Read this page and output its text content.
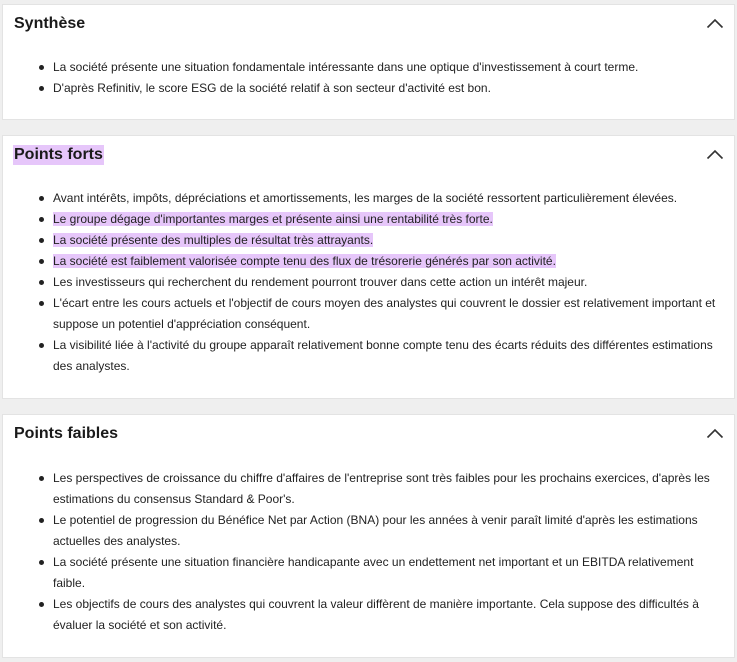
Synthèse
La société présente une situation fondamentale intéressante dans une optique d'investissement à court terme.
D'après Refinitiv, le score ESG de la société relatif à son secteur d'activité est bon.
Points forts
Avant intérêts, impôts, dépréciations et amortissements, les marges de la société ressortent particulièrement élevées.
Le groupe dégage d'importantes marges et présente ainsi une rentabilité très forte.
La société présente des multiples de résultat très attrayants.
La société est faiblement valorisée compte tenu des flux de trésorerie générés par son activité.
Les investisseurs qui recherchent du rendement pourront trouver dans cette action un intérêt majeur.
L'écart entre les cours actuels et l'objectif de cours moyen des analystes qui couvrent le dossier est relativement important et suppose un potentiel d'appréciation conséquent.
La visibilité liée à l'activité du groupe apparaît relativement bonne compte tenu des écarts réduits des différentes estimations des analystes.
Points faibles
Les perspectives de croissance du chiffre d'affaires de l'entreprise sont très faibles pour les prochains exercices, d'après les estimations du consensus Standard & Poor's.
Le potentiel de progression du Bénéfice Net par Action (BNA) pour les années à venir paraît limité d'après les estimations actuelles des analystes.
La société présente une situation financière handicapante avec un endettement net important et un EBITDA relativement faible.
Les objectifs de cours des analystes qui couvrent la valeur diffèrent de manière importante. Cela suppose des difficultés à évaluer la société et son activité.
